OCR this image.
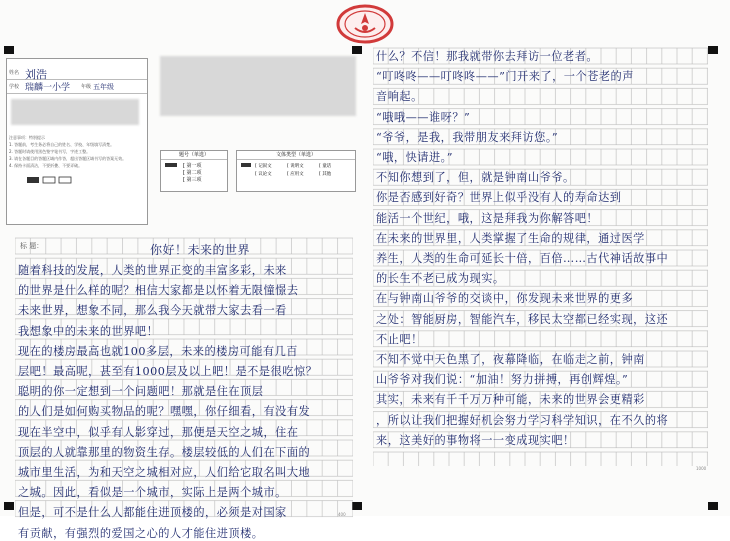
姓名 刘浩
学校 瑞麟一小学 年级 五年级
注意事项：特别提示
1. 答题前，考生务必将自己的姓名、学校、年级填写清楚。
2. 答题时请使用黑色签字笔书写，字迹工整。
3. 请在各题目的答题区域内作答，超出答题区域书写的答案无效。
4. 保持卡面清洁，不要折叠、不要弄破。
题号（单选）
[ 第一项
[ 第二项
[ 第三项
文体类型（单选）
[ 记叙文
[ 议论文
[ 说明文
[ 应用文
[ 童话
[ 其他
标 题：	你好！未来的世界
随着科技的发展，人类的世界正变的丰富多彩，未来
的世界是什么样的呢？相信大家都是以怀着无限憧憬去
未来世界，想象不同，那么我今天就带大家去看一看
我想象中的未来的世界吧！
现在的楼房最高也就100多层，未来的楼房可能有几百
层吧！最高呢，甚至有1000层及以上吧！是不是很吃惊？
聪明的你一定想到一个问题吧！那就是住在顶层
的人们是如何购买物品的呢？嘿嘿，你仔细看，有没有发
现在半空中，似乎有人影穿过，那便是天空之城，住在
顶层的人就靠那里的物资生存。楼层较低的人们在下面的
城市里生活，为和天空之城相对应，人们给它取名叫大地
之城。因此，看似是一个城市，实际上是两个城市。
但是，可不是什么人都能住进顶楼的，必须是对国家
有贡献，有强烈的爱国之心的人才能住进顶楼。
400
什么？不信！那我就带你去拜访一位老者。
“叮咚咚——叮咚咚——”门开来了，一个苍老的声
音响起。
“哦哦——谁呀？”
“爷爷，是我，我带朋友来拜访您。”
“哦，快请进。”
不知你想到了，但，就是钟南山爷爷。
你是否感到好奇？世界上似乎没有人的寿命达到
能活一个世纪，哦，这是拜我为你解答吧！
在未来的世界里，人类掌握了生命的规律，通过医学
养生，人类的生命可延长十倍，百倍……古代神话故事中
的长生不老已成为现实。
在与钟南山爷爷的交谈中，你发现未来世界的更多
之处：智能厨房，智能汽车，移民太空都已经实现，这还
不止吧！
不知不觉中天色黑了，夜幕降临，在临走之前，钟南
山爷爷对我们说：“加油！努力拼搏，再创辉煌。”
其实，未来有千千万万种可能，未来的世界会更精彩
，所以让我们把握好机会努力学习科学知识，在不久的将
来，这美好的事物将一一变成现实吧！
1000
